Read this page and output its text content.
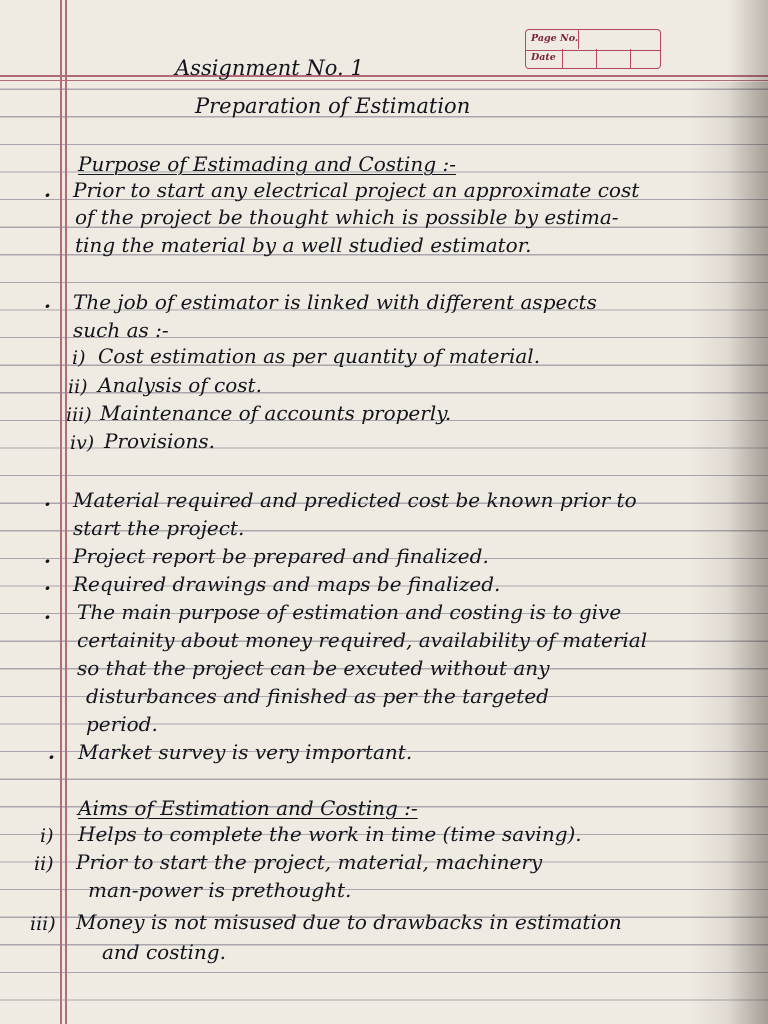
Page No.
Date
Assignment No. 1
Preparation of Estimation
Purpose of Estimading and Costing :-
· Prior to start any electrical project an approximate cost
of the project be thought which is possible by estima-
ting the material by a well studied estimator.
· The job of estimator is linked with different aspects
such as :-
i) Cost estimation as per quantity of material.
ii) Analysis of cost.
iii) Maintenance of accounts properly.
iv) Provisions.
· Material required and predicted cost be known prior to
start the project.
· Project report be prepared and finalized.
· Required drawings and maps be finalized.
· The main purpose of estimation and costing is to give
certainity about money required, availability of material
so that the project can be excuted without any
disturbances and finished as per the targeted
period.
· Market survey is very important.
Aims of Estimation and Costing :-
i) Helps to complete the work in time (time saving).
ii) Prior to start the project, material, machinery
man-power is prethought.
iii) Money is not misused due to drawbacks in estimation
and costing.
